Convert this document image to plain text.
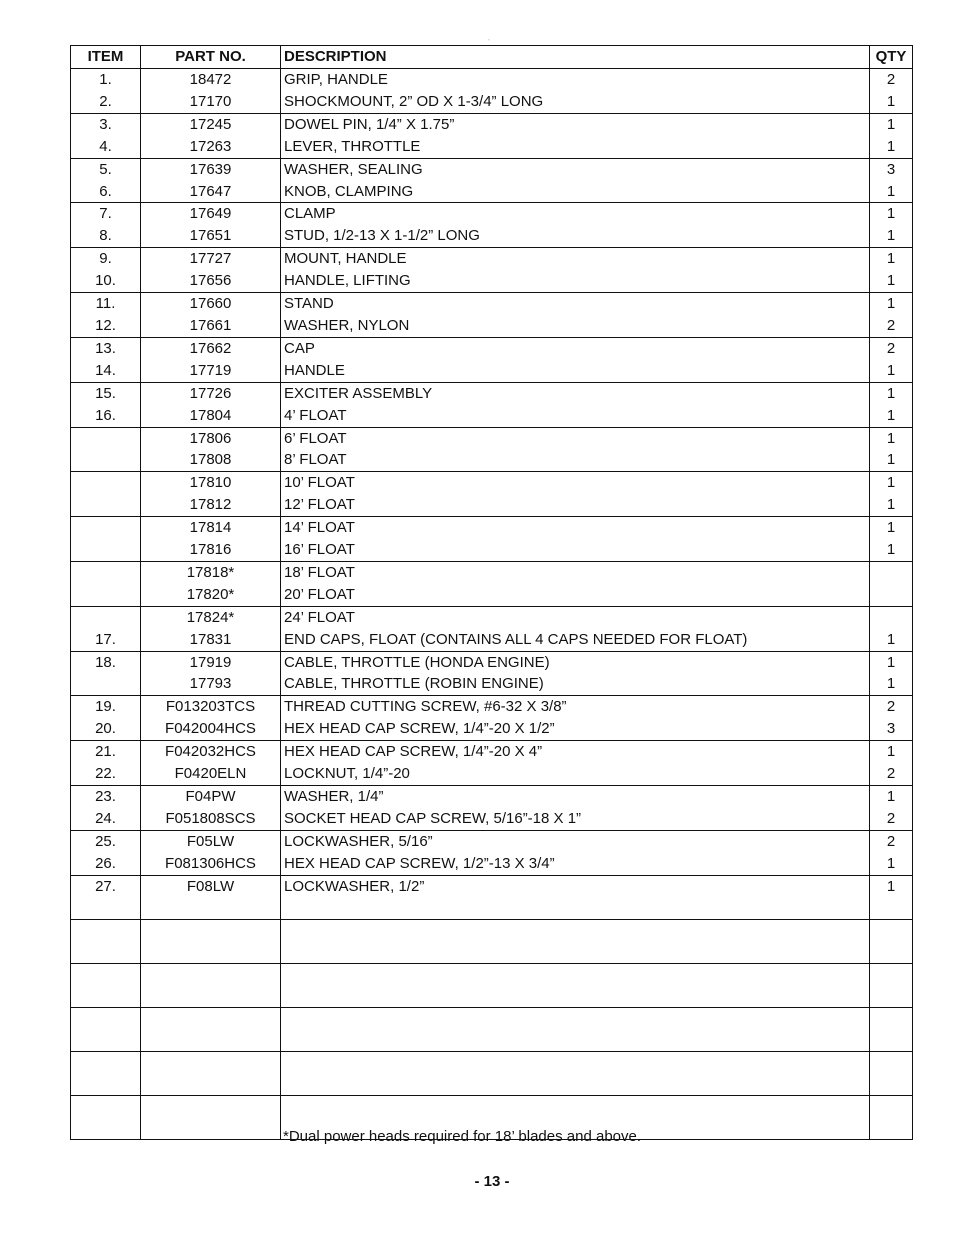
"
ITEM	PART NO.	DESCRIPTION	QTY
1.	18472	GRIP, HANDLE	2
2.	17170	SHOCKMOUNT, 2” OD X 1-3/4” LONG	1
3.	17245	DOWEL PIN, 1/4” X 1.75”	1
4.	17263	LEVER, THROTTLE	1
5.	17639	WASHER, SEALING	3
6.	17647	KNOB, CLAMPING	1
7.	17649	CLAMP	1
8.	17651	STUD, 1/2-13 X 1-1/2” LONG	1
9.	17727	MOUNT, HANDLE	1
10.	17656	HANDLE, LIFTING	1
11.	17660	STAND	1
12.	17661	WASHER, NYLON	2
13.	17662	CAP	2
14.	17719	HANDLE	1
15.	17726	EXCITER ASSEMBLY	1
16.	17804	4’ FLOAT	1
	17806	6’ FLOAT	1
	17808	8’ FLOAT	1
	17810	10’ FLOAT	1
	17812	12’ FLOAT	1
	17814	14’ FLOAT	1
	17816	16’ FLOAT	1
	17818*	18’ FLOAT	
	17820*	20’ FLOAT	
	17824*	24’ FLOAT	
17.	17831	END CAPS, FLOAT (CONTAINS ALL 4 CAPS NEEDED FOR FLOAT)	1
18.	17919	CABLE, THROTTLE (HONDA ENGINE)	1
	17793	CABLE, THROTTLE (ROBIN ENGINE)	1
19.	F013203TCS	THREAD CUTTING SCREW, #6-32 X 3/8”	2
20.	F042004HCS	HEX HEAD CAP SCREW, 1/4”-20 X 1/2”	3
21.	F042032HCS	HEX HEAD CAP SCREW, 1/4”-20 X 4”	1
22.	F0420ELN	LOCKNUT, 1/4”-20	2
23.	F04PW	WASHER, 1/4”	1
24.	F051808SCS	SOCKET HEAD CAP SCREW, 5/16”-18 X 1”	2
25.	F05LW	LOCKWASHER, 5/16”	2
26.	F081306HCS	HEX HEAD CAP SCREW, 1/2”-13 X 3/4”	1
27.	F08LW	LOCKWASHER, 1/2”	1

*Dual power heads required for 18’ blades and above.
- 13 -
